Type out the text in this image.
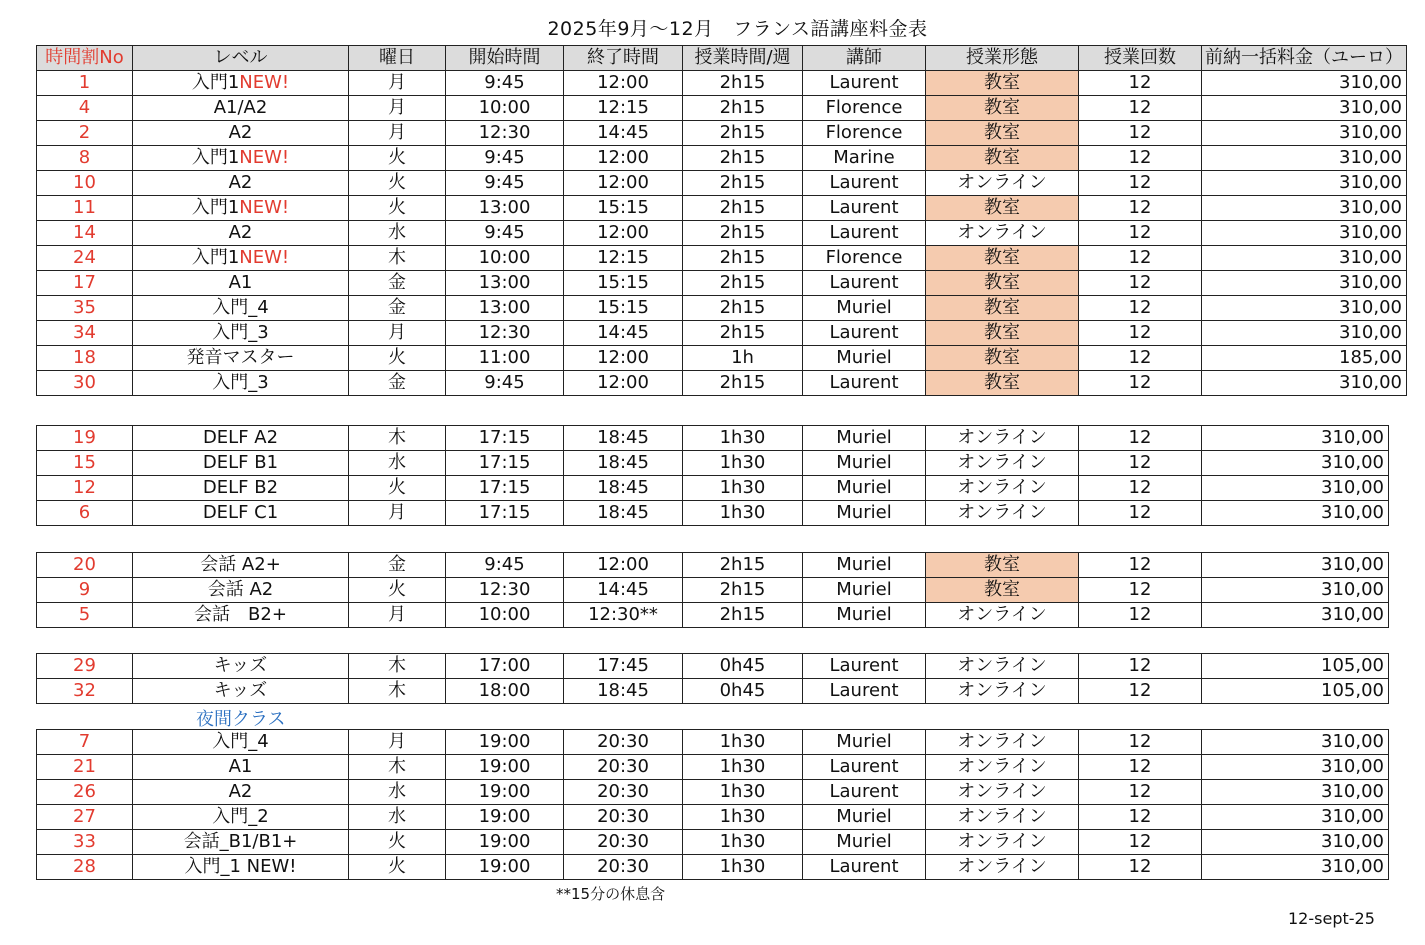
2025年9月〜12月　フランス語講座料金表
時間割No	レベル	曜日	開始時間	終了時間	授業時間/週	講師	授業形態	授業回数	前納一括料金（ユーロ）
1	入門1NEW!	月	9:45	12:00	2h15	Laurent	教室	12	310,00
4	A1/A2	月	10:00	12:15	2h15	Florence	教室	12	310,00
2	A2	月	12:30	14:45	2h15	Florence	教室	12	310,00
8	入門1NEW!	火	9:45	12:00	2h15	Marine	教室	12	310,00
10	A2	火	9:45	12:00	2h15	Laurent	オンライン	12	310,00
11	入門1NEW!	火	13:00	15:15	2h15	Laurent	教室	12	310,00
14	A2	水	9:45	12:00	2h15	Laurent	オンライン	12	310,00
24	入門1NEW!	木	10:00	12:15	2h15	Florence	教室	12	310,00
17	A1	金	13:00	15:15	2h15	Laurent	教室	12	310,00
35	入門_4	金	13:00	15:15	2h15	Muriel	教室	12	310,00
34	入門_3	月	12:30	14:45	2h15	Laurent	教室	12	310,00
18	発音マスター	火	11:00	12:00	1h	Muriel	教室	12	185,00
30	入門_3	金	9:45	12:00	2h15	Laurent	教室	12	310,00
19	DELF A2	木	17:15	18:45	1h30	Muriel	オンライン	12	310,00
15	DELF B1	水	17:15	18:45	1h30	Muriel	オンライン	12	310,00
12	DELF B2	火	17:15	18:45	1h30	Muriel	オンライン	12	310,00
6	DELF C1	月	17:15	18:45	1h30	Muriel	オンライン	12	310,00
20	会話 A2+	金	9:45	12:00	2h15	Muriel	教室	12	310,00
9	会話 A2	火	12:30	14:45	2h15	Muriel	教室	12	310,00
5	会話　B2+	月	10:00	12:30**	2h15	Muriel	オンライン	12	310,00
29	キッズ	木	17:00	17:45	0h45	Laurent	オンライン	12	105,00
32	キッズ	木	18:00	18:45	0h45	Laurent	オンライン	12	105,00
7	入門_4	月	19:00	20:30	1h30	Muriel	オンライン	12	310,00
21	A1	木	19:00	20:30	1h30	Laurent	オンライン	12	310,00
26	A2	水	19:00	20:30	1h30	Laurent	オンライン	12	310,00
27	入門_2	水	19:00	20:30	1h30	Muriel	オンライン	12	310,00
33	会話_B1/B1+	火	19:00	20:30	1h30	Muriel	オンライン	12	310,00
28	入門_1 NEW!	火	19:00	20:30	1h30	Laurent	オンライン	12	310,00
夜間クラス
**15分の休息含
12-sept-25
